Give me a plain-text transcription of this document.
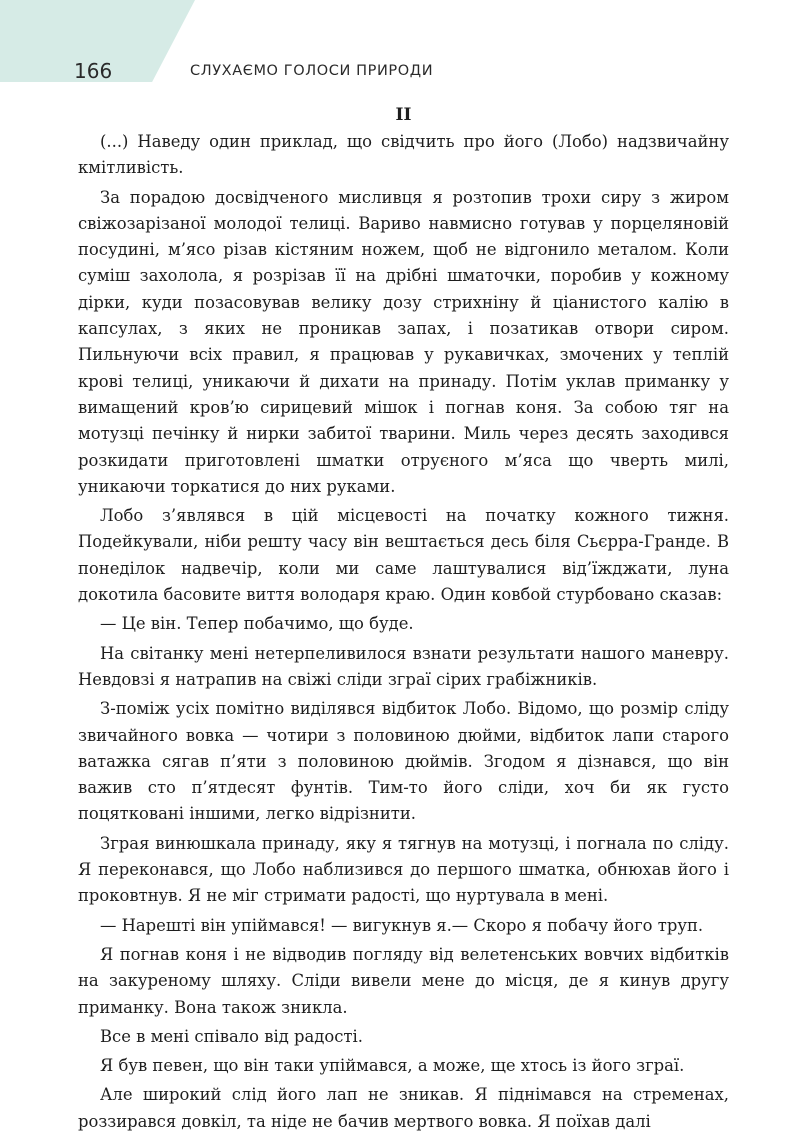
166	СЛУХАЄМО ГОЛОСИ ПРИРОДИ
II

(...) Наведу один приклад, що свідчить про його (Лобо) надзвичайну кмітливість.

За порадою досвідченого мисливця я розтопив трохи сиру з жиром свіжозарізаної молодої телиці. Вариво навмисно готував у порцеляновій посудині, м’ясо різав кістяним ножем, щоб не відгонило металом. Коли суміш захолола, я розрізав її на дрібні шматочки, поробив у кожному дірки, куди позасовував велику дозу стрихніну й ціанистого калію в капсулах, з яких не проникав запах, і позатикав отвори сиром. Пильнуючи всіх правил, я працював у рукавичках, змочених у теплій крові телиці, уникаючи й дихати на принаду. Потім уклав приманку у вимащений кров’ю сирицевий мішок і погнав коня. За собою тяг на мотузці печінку й нирки забитої тварини. Миль через десять заходився розкидати приготовлені шматки отруєного м’яса що чверть милі, уникаючи торкатися до них руками.

Лобо з’являвся в цій місцевості на початку кожного тижня. Подейкували, ніби решту часу він вештається десь біля Сьєрра-Гранде. В понеділок надвечір, коли ми саме лаштувалися від’їжджати, луна докотила басовите виття володаря краю. Один ковбой стурбовано сказав:

— Це він. Тепер побачимо, що буде.

На світанку мені нетерпеливилося взнати результати нашого маневру. Невдовзі я натрапив на свіжі сліди зграї сірих грабіжників.

З-поміж усіх помітно виділявся відбиток Лобо. Відомо, що розмір сліду звичайного вовка — чотири з половиною дюйми, відбиток лапи старого ватажка сягав п’яти з половиною дюймів. Згодом я дізнався, що він важив сто п’ятдесят фунтів. Тим-то його сліди, хоч би як густо поцятковані іншими, легко відрізнити.

Зграя винюшкала принаду, яку я тягнув на мотузці, і погнала по сліду. Я переконався, що Лобо наблизився до першого шматка, обнюхав його і проковтнув. Я не міг стримати радості, що нуртувала в мені.

— Нарешті він упіймався! — вигукнув я.— Скоро я побачу його труп.

Я погнав коня і не відводив погляду від велетенських вовчих відбитків на закуреному шляху. Сліди вивели мене до місця, де я кинув другу приманку. Вона також зникла.

Все в мені співало від радості.

Я був певен, що він таки упіймався, а може, ще хтось із його зграї.

Але широкий слід його лап не зникав. Я піднімався на стременах, роззирався довкіл, та ніде не бачив мертвого вовка. Я поїхав далі
